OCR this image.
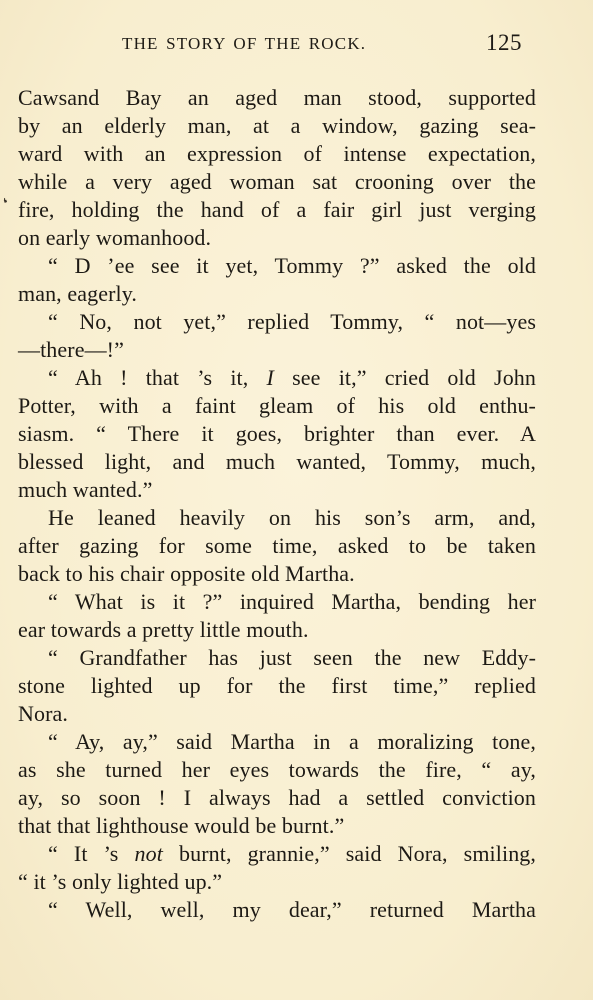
THE STORY OF THE ROCK.	125
❛
Cawsand Bay an aged man stood, supported
by an elderly man, at a window, gazing sea-
ward with an expression of intense expectation,
while a very aged woman sat crooning over the
fire, holding the hand of a fair girl just verging
on early womanhood.
“ D ’ee see it yet, Tommy ?” asked the old
man, eagerly.
“ No, not yet,” replied Tommy, “ not—yes
—there—!”
“ Ah ! that ’s it, I see it,” cried old John
Potter, with a faint gleam of his old enthu-
siasm. “ There it goes, brighter than ever. A
blessed light, and much wanted, Tommy, much,
much wanted.”
He leaned heavily on his son’s arm, and,
after gazing for some time, asked to be taken
back to his chair opposite old Martha.
“ What is it ?” inquired Martha, bending her
ear towards a pretty little mouth.
“ Grandfather has just seen the new Eddy-
stone lighted up for the first time,” replied
Nora.
“ Ay, ay,” said Martha in a moralizing tone,
as she turned her eyes towards the fire, “ ay,
ay, so soon ! I always had a settled conviction
that that lighthouse would be burnt.”
“ It ’s not burnt, grannie,” said Nora, smiling,
“ it ’s only lighted up.”
“ Well, well, my dear,” returned Martha
